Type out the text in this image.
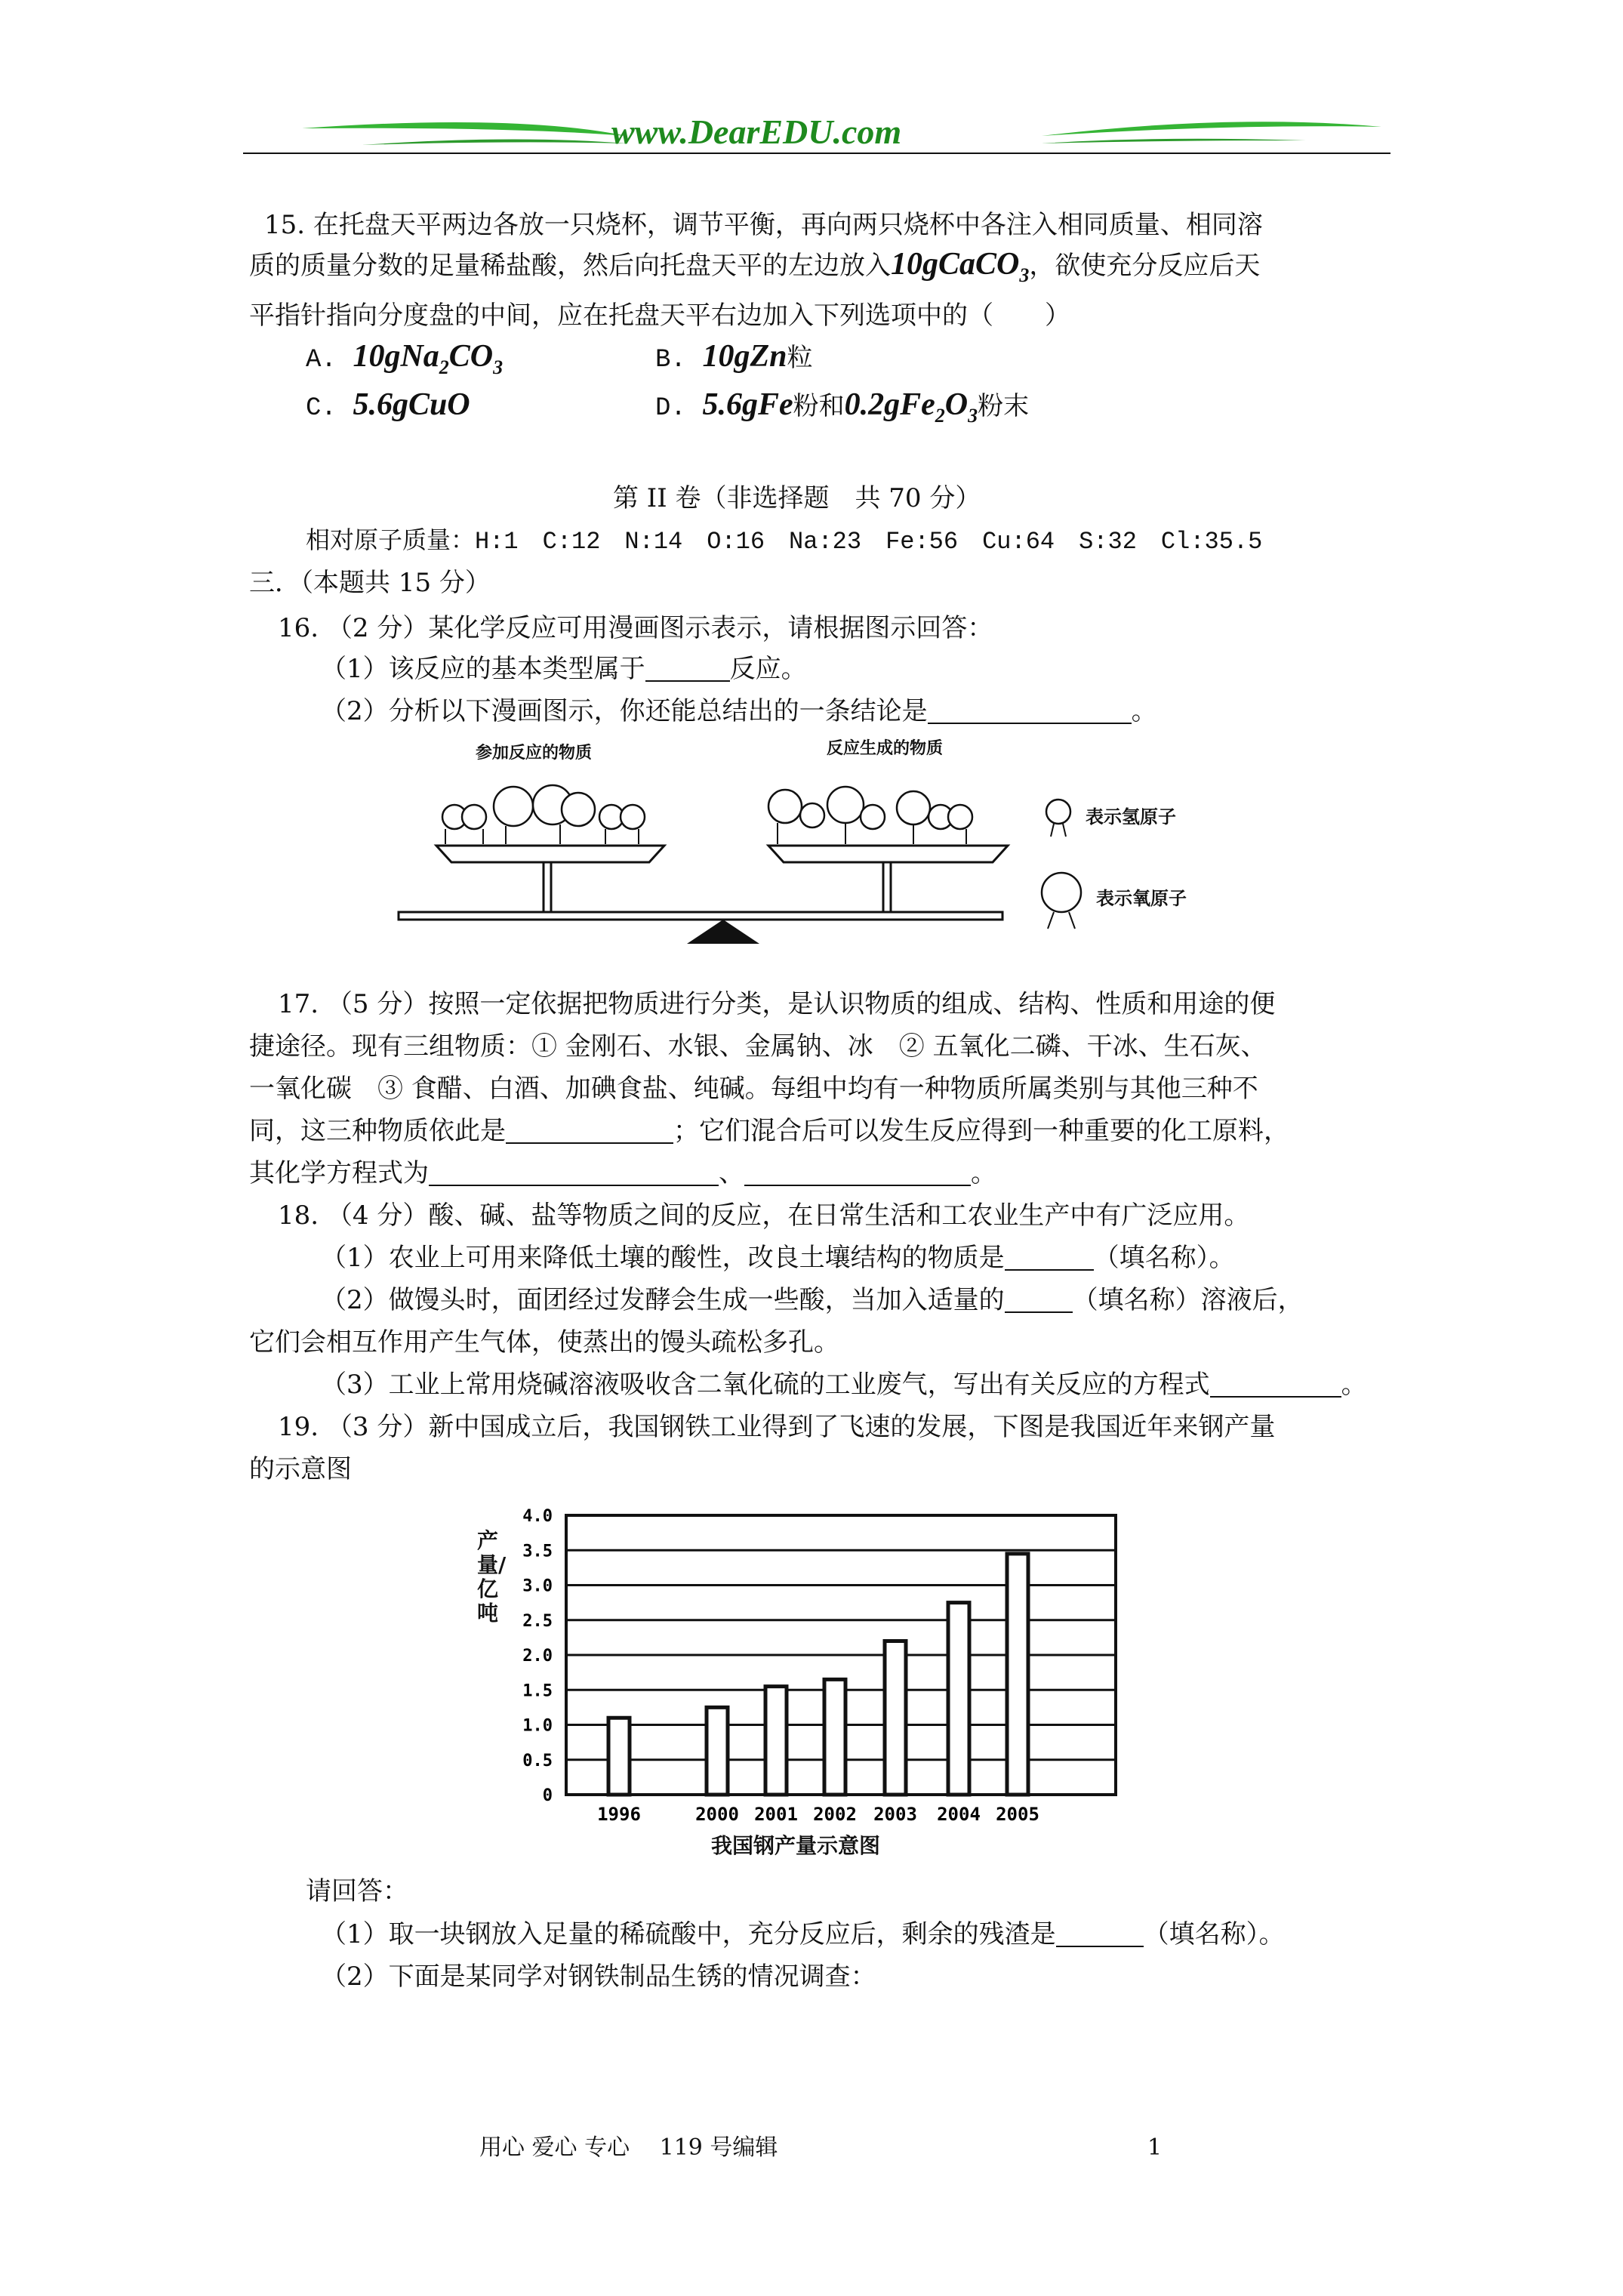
www.DearEDU.com
15. 在托盘天平两边各放一只烧杯，调节平衡，再向两只烧杯中各注入相同质量、相同溶
质的质量分数的足量稀盐酸，然后向托盘天平的左边放入10gCaCO$_3$，欲使充分反应后天
平指针指向分度盘的中间，应在托盘天平右边加入下列选项中的（　　）
A. $10gNa_2CO_3$	B. 10gZn粒
C. 5.6gCuO	D. 5.6gFe粉和$0.2gFe_2O_3$粉末
第 II 卷（非选择题　共 70 分）
相对原子质量：H:1　C:12　N:14　O:16　Na:23　Fe:56　Cu:64　S:32　Cl:35.5
三．（本题共 15 分）
16. （2 分）某化学反应可用漫画图示表示，请根据图示回答：
（1）该反应的基本类型属于	反应。
（2）分析以下漫画图示，你还能总结出的一条结论是	。
参加反应的物质	反应生成的物质
表示氢原子
表示氧原子
17. （5 分）按照一定依据把物质进行分类，是认识物质的组成、结构、性质和用途的便
捷途径。现有三组物质：① 金刚石、水银、金属钠、冰　② 五氧化二磷、干冰、生石灰、
一氧化碳　③ 食醋、白酒、加碘食盐、纯碱。每组中均有一种物质所属类别与其他三种不
同，这三种物质依此是	；它们混合后可以发生反应得到一种重要的化工原料，
其化学方程式为	、	。
18. （4 分）酸、碱、盐等物质之间的反应，在日常生活和工农业生产中有广泛应用。
（1）农业上可用来降低土壤的酸性，改良土壤结构的物质是	（填名称）。
（2）做馒头时，面团经过发酵会生成一些酸，当加入适量的	（填名称）溶液后，
它们会相互作用产生气体，使蒸出的馒头疏松多孔。
（3）工业上常用烧碱溶液吸收含二氧化硫的工业废气，写出有关反应的方程式	。
19. （3 分）新中国成立后，我国钢铁工业得到了飞速的发展，下图是我国近年来钢产量
的示意图
0
0.5
1.0
1.5
2.0
2.5
3.0
3.5
4.0
1996	2000 2001 2002 2003 2004 2005
产量/亿吨
我国钢产量示意图
请回答：
（1）取一块钢放入足量的稀硫酸中，充分反应后，剩余的残渣是	（填名称）。
（2）下面是某同学对钢铁制品生锈的情况调查：
用心 爱心 专心　 119 号编辑	1
